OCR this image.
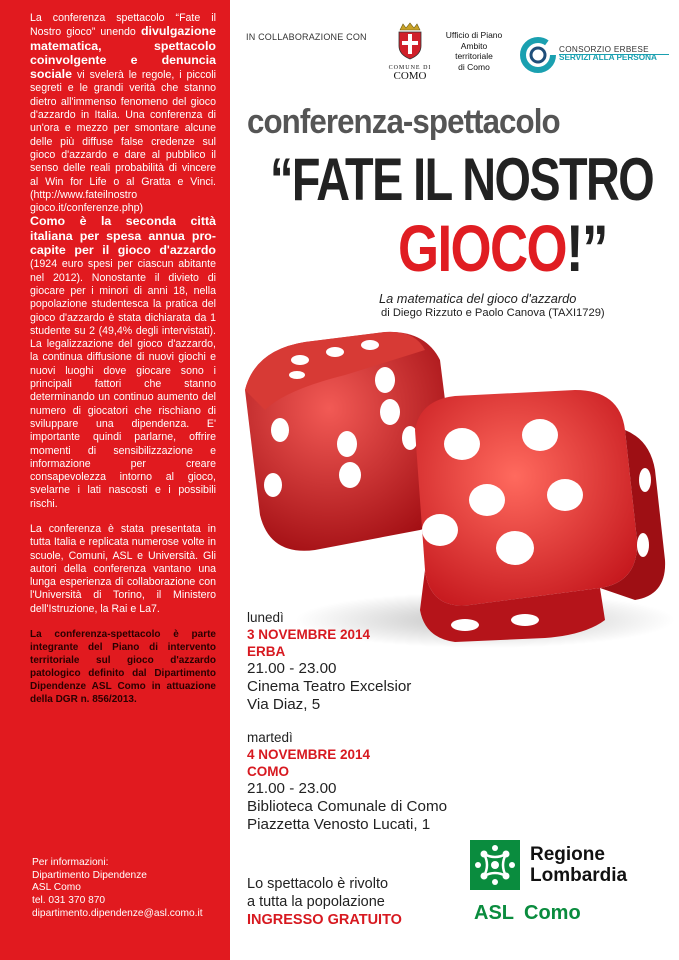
La conferenza spettacolo “Fate il Nostro gioco” unendo divulgazione matematica, spettacolo coinvolgente e denuncia sociale vi svelerà le regole, i piccoli segreti e le grandi verità che stanno dietro all'immenso fenomeno del gioco d'azzardo in Italia. Una conferenza di un'ora e mezzo per smontare alcune delle più diffuse false credenze sul gioco d'azzardo e dare al pubblico il senso delle reali probabilità di vincere al Win for Life o al Gratta e Vinci. (http://www.fateilnostro gioco.it/conferenze.php)

Como è la seconda città italiana per spesa annua pro-capite per il gioco d'azzardo (1924 euro spesi per ciascun abitante nel 2012). Nonostante il divieto di giocare per i minori di anni 18, nella popolazione studentesca la pratica del gioco d'azzardo è stata dichiarata da 1 studente su 2 (49,4% degli intervistati). La legalizzazione del gioco d'azzardo, la continua diffusione di nuovi giochi e nuovi luoghi dove giocare sono i principali fattori che stanno determinando un continuo aumento del numero di giocatori che rischiano di sviluppare una dipendenza. E' importante quindi parlarne, offrire momenti di sensibilizzazione e informazione per creare consapevolezza intorno al gioco, svelarne i lati nascosti e i possibili rischi.

La conferenza è stata presentata in tutta Italia e replicata numerose volte in scuole, Comuni, ASL e Università. Gli autori della conferenza vantano una lunga esperienza di collaborazione con l'Università di Torino, il Ministero dell'Istruzione, la Rai e La7.

La conferenza-spettacolo è parte integrante del Piano di intervento territoriale sul gioco d'azzardo patologico definito dal Dipartimento Dipendenze ASL Como in attuazione della DGR n. 856/2013.

Per informazioni:
Dipartimento Dipendenze
ASL Como
tel. 031 370 870
dipartimento.dipendenze@asl.como.it
IN COLLABORAZIONE CON
COMUNE DI
COMO
Ufficio di Piano
Ambito
territoriale
di Como
CONSORZIO ERBESE
SERVIZI ALLA PERSONA
conferenza-spettacolo
“FATE IL NOSTRO
GIOCO!”
La matematica del gioco d'azzardo
di Diego Rizzuto e Paolo Canova (TAXI1729)
lunedì
3 NOVEMBRE 2014
ERBA
21.00 - 23.00
Cinema Teatro Excelsior
Via Diaz, 5
martedì
4 NOVEMBRE 2014
COMO
21.00 - 23.00
Biblioteca Comunale di Como
Piazzetta Venosto Lucati, 1
Lo spettacolo è rivolto
a tutta la popolazione
INGRESSO GRATUITO
Regione
Lombardia
ASL Como
